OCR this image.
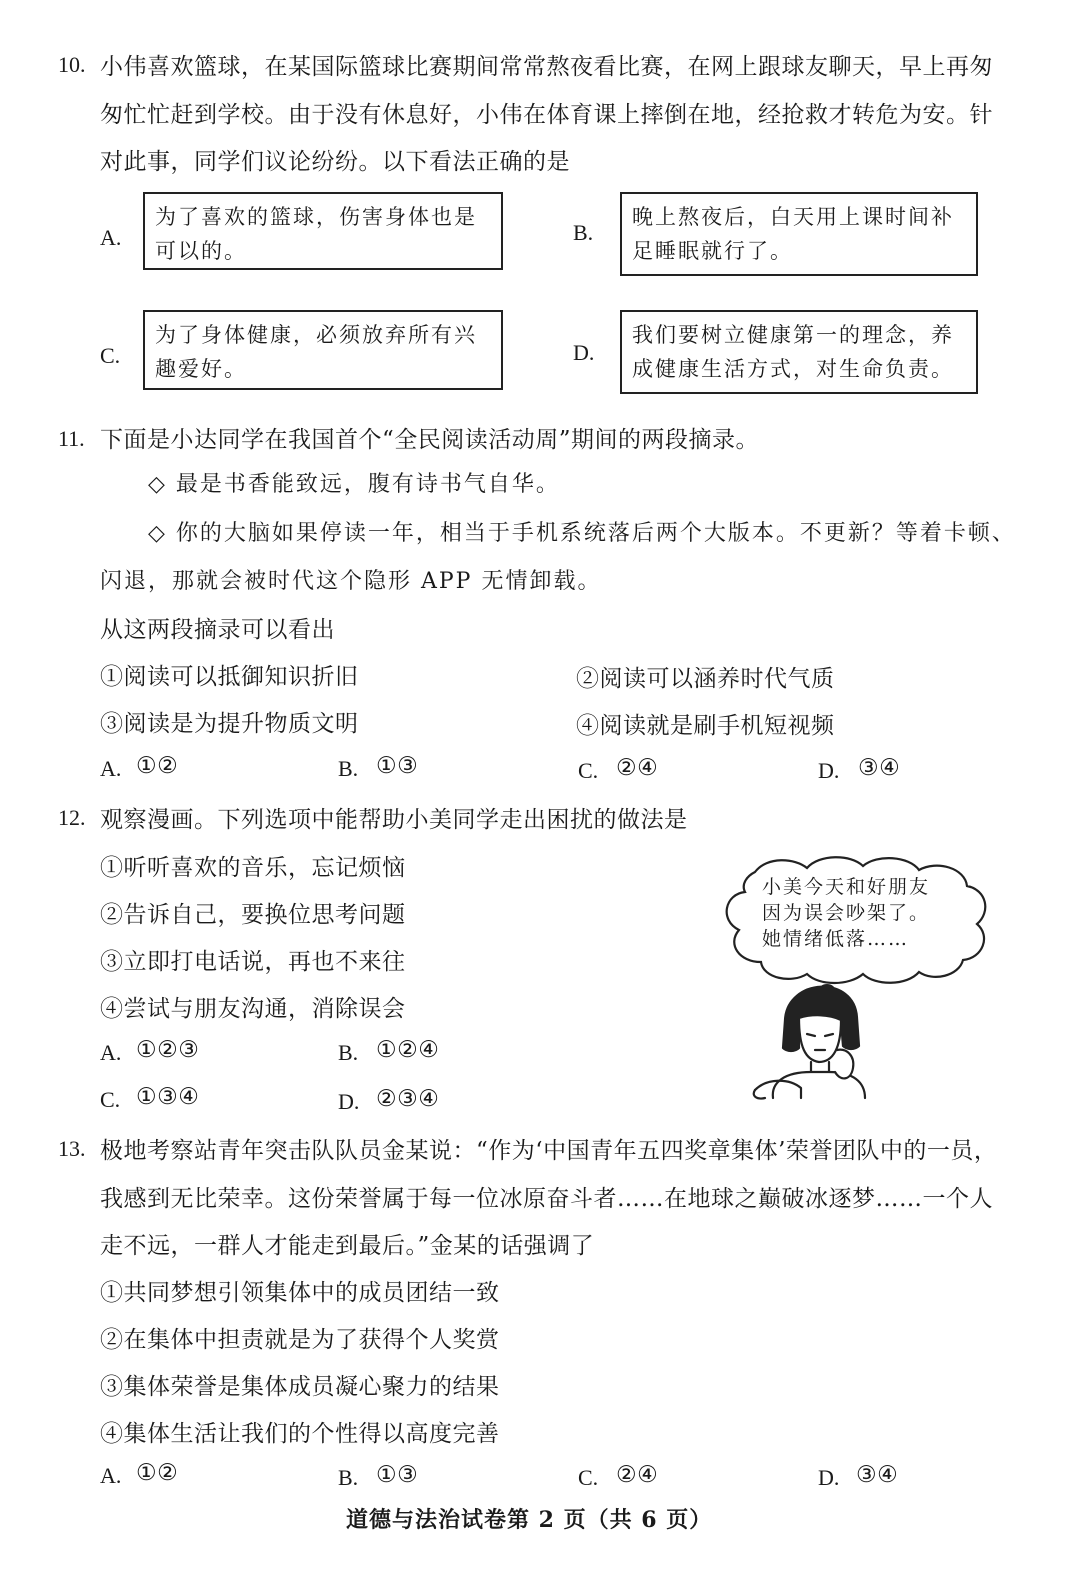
10. 小伟喜欢篮球，在某国际篮球比赛期间常常熬夜看比赛，在网上跟球友聊天，早上再匆
匆忙忙赶到学校。由于没有休息好，小伟在体育课上摔倒在地，经抢救才转危为安。针
对此事，同学们议论纷纷。以下看法正确的是
A.
为了喜欢的篮球，伤害身体也是可以的。
B.
晚上熬夜后，白天用上课时间补足睡眠就行了。
C.
为了身体健康，必须放弃所有兴趣爱好。
D.
我们要树立健康第一的理念，养成健康生活方式，对生命负责。
11. 下面是小达同学在我国首个“全民阅读活动周”期间的两段摘录。
◇ 最是书香能致远，腹有诗书气自华。
◇ 你的大脑如果停读一年，相当于手机系统落后两个大版本。不更新？等着卡顿、
闪退，那就会被时代这个隐形 APP 无情卸载。
从这两段摘录可以看出
①阅读可以抵御知识折旧	②阅读可以涵养时代气质
③阅读是为提升物质文明	④阅读就是刷手机短视频
A. ①②	B. ①③	C. ②④	D. ③④
12. 观察漫画。下列选项中能帮助小美同学走出困扰的做法是
①听听喜欢的音乐，忘记烦恼
②告诉自己，要换位思考问题
③立即打电话说，再也不来往
④尝试与朋友沟通，消除误会
A. ①②③	B. ①②④
C. ①③④	D. ②③④
小美今天和好朋友
因为误会吵架了。
她情绪低落……
13. 极地考察站青年突击队队员金某说：“作为‘中国青年五四奖章集体’荣誉团队中的一员，
我感到无比荣幸。这份荣誉属于每一位冰原奋斗者……在地球之巅破冰逐梦……一个人
走不远，一群人才能走到最后。”金某的话强调了
①共同梦想引领集体中的成员团结一致
②在集体中担责就是为了获得个人奖赏
③集体荣誉是集体成员凝心聚力的结果
④集体生活让我们的个性得以高度完善
A. ①②	B. ①③	C. ②④	D. ③④
道德与法治试卷第 2 页（共 6 页）
